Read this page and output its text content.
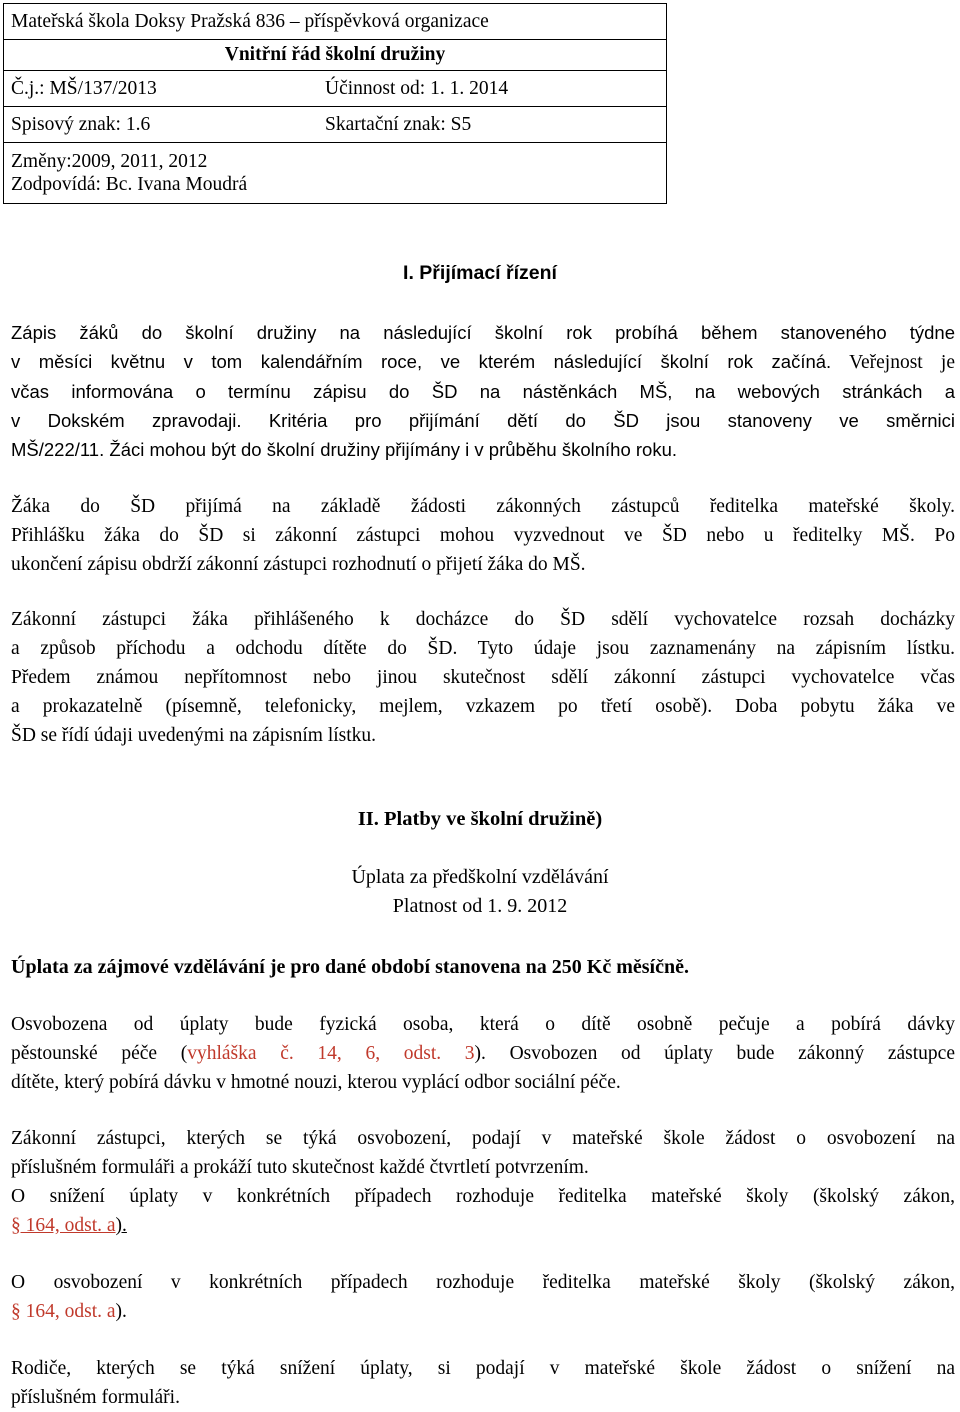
Mateřská škola Doksy Pražská 836 – příspěvková organizace	
Vnitřní řád školní družiny	
Č.j.: MŠ/137/2013	Účinnost od: 1. 1. 2014
Spisový znak: 1.6	Skartační znak: S5

Změny:2009, 2011, 2012
Zodpovídá: Bc. Ivana Moudrá	
I. Přijímací řízení
Zápis žáků do školní družiny na následující školní rok probíhá během stanoveného týdne
v měsíci květnu v tom kalendářním roce, ve kterém následující školní rok začíná. Veřejnost je
včas informována o termínu zápisu do ŠD na nástěnkách MŠ, na webových stránkách a
v Dokském zpravodaji. Kritéria pro přijímání dětí do ŠD jsou stanoveny ve směrnici
MŠ/222/11. Žáci mohou být do školní družiny přijímány i v průběhu školního roku.
Žáka do ŠD přijímá na základě žádosti zákonných zástupců ředitelka mateřské školy.
Přihlášku žáka do ŠD si zákonní zástupci mohou vyzvednout ve ŠD nebo u ředitelky MŠ. Po
ukončení zápisu obdrží zákonní zástupci rozhodnutí o přijetí žáka do MŠ.
Zákonní zástupci žáka přihlášeného k docházce do ŠD sdělí vychovatelce rozsah docházky
a způsob příchodu a odchodu dítěte do ŠD. Tyto údaje jsou zaznamenány na zápisním lístku.
Předem známou nepřítomnost nebo jinou skutečnost sdělí zákonní zástupci vychovatelce včas
a prokazatelně (písemně, telefonicky, mejlem, vzkazem po třetí osobě). Doba pobytu žáka ve
ŠD se řídí údaji uvedenými na zápisním lístku.
II. Platby ve školní družině)

Úplata za předškolní vzdělávání

Platnost od 1. 9. 2012

Úplata za zájmové vzdělávání je pro dané období stanovena na 250 Kč měsíčně.

Osvobozena od úplaty bude fyzická osoba, která o dítě osobně pečuje a pobírá dávky
pěstounské péče (vyhláška č. 14, 6, odst. 3). Osvobozen od úplaty bude zákonný zástupce
dítěte, který pobírá dávku v hmotné nouzi, kterou vyplácí odbor sociální péče.
Zákonní zástupci, kterých se týká osvobození, podají v mateřské škole žádost o osvobození na
příslušném formuláři a prokáží tuto skutečnost každé čtvrtletí potvrzením.
O snížení úplaty v konkrétních případech rozhoduje ředitelka mateřské školy (školský zákon,
§ 164, odst. a).
O osvobození v konkrétních případech rozhoduje ředitelka mateřské školy (školský zákon,
§ 164, odst. a).
Rodiče, kterých se týká snížení úplaty, si podají v mateřské škole žádost o snížení na
příslušném formuláři.
